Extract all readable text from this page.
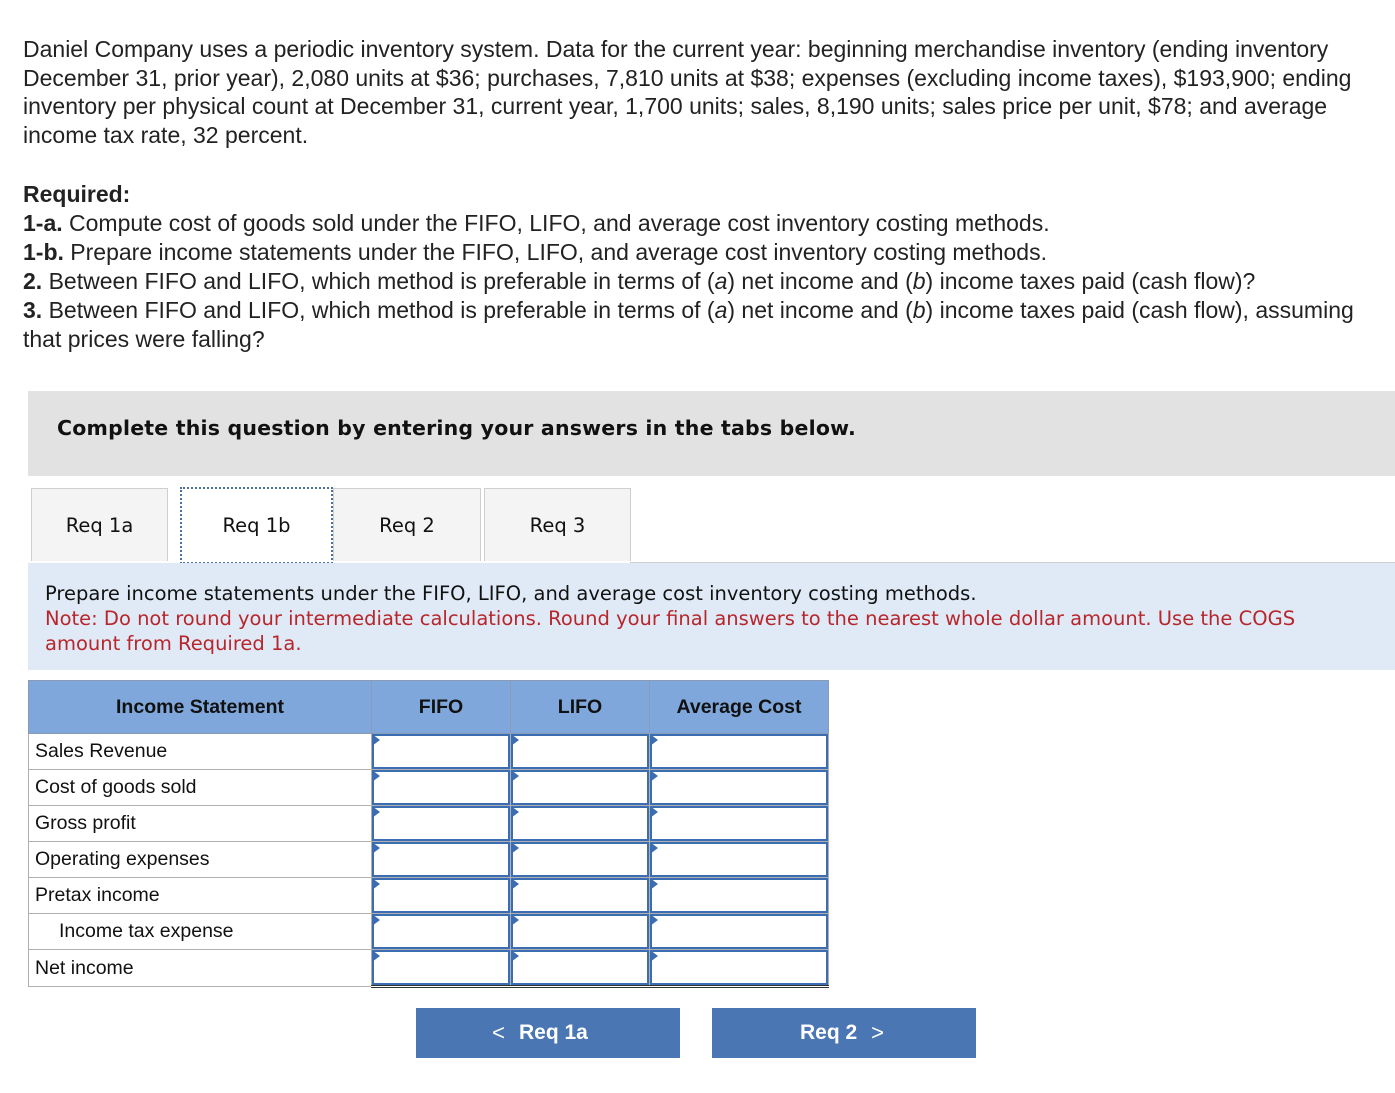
Daniel Company uses a periodic inventory system. Data for the current year: beginning merchandise inventory (ending inventory December 31, prior year), 2,080 units at $36; purchases, 7,810 units at $38; expenses (excluding income taxes), $193,900; ending inventory per physical count at December 31, current year, 1,700 units; sales, 8,190 units; sales price per unit, $78; and average income tax rate, 32 percent.

Required:
1-a. Compute cost of goods sold under the FIFO, LIFO, and average cost inventory costing methods.
1-b. Prepare income statements under the FIFO, LIFO, and average cost inventory costing methods.
2. Between FIFO and LIFO, which method is preferable in terms of (a) net income and (b) income taxes paid (cash flow)?
3. Between FIFO and LIFO, which method is preferable in terms of (a) net income and (b) income taxes paid (cash flow), assuming that prices were falling?
Complete this question by entering your answers in the tabs below.
Req 1a	Req 1b	Req 2	Req 3
Prepare income statements under the FIFO, LIFO, and average cost inventory costing methods.
Note: Do not round your intermediate calculations. Round your final answers to the nearest whole dollar amount. Use the COGS amount from Required 1a.
Income Statement	FIFO	LIFO	Average Cost
Sales Revenue	

Cost of goods sold	

Gross profit	

Operating expenses	

Pretax income	

Income tax expense	

Net income	

< Req 1a	Req 2 >
